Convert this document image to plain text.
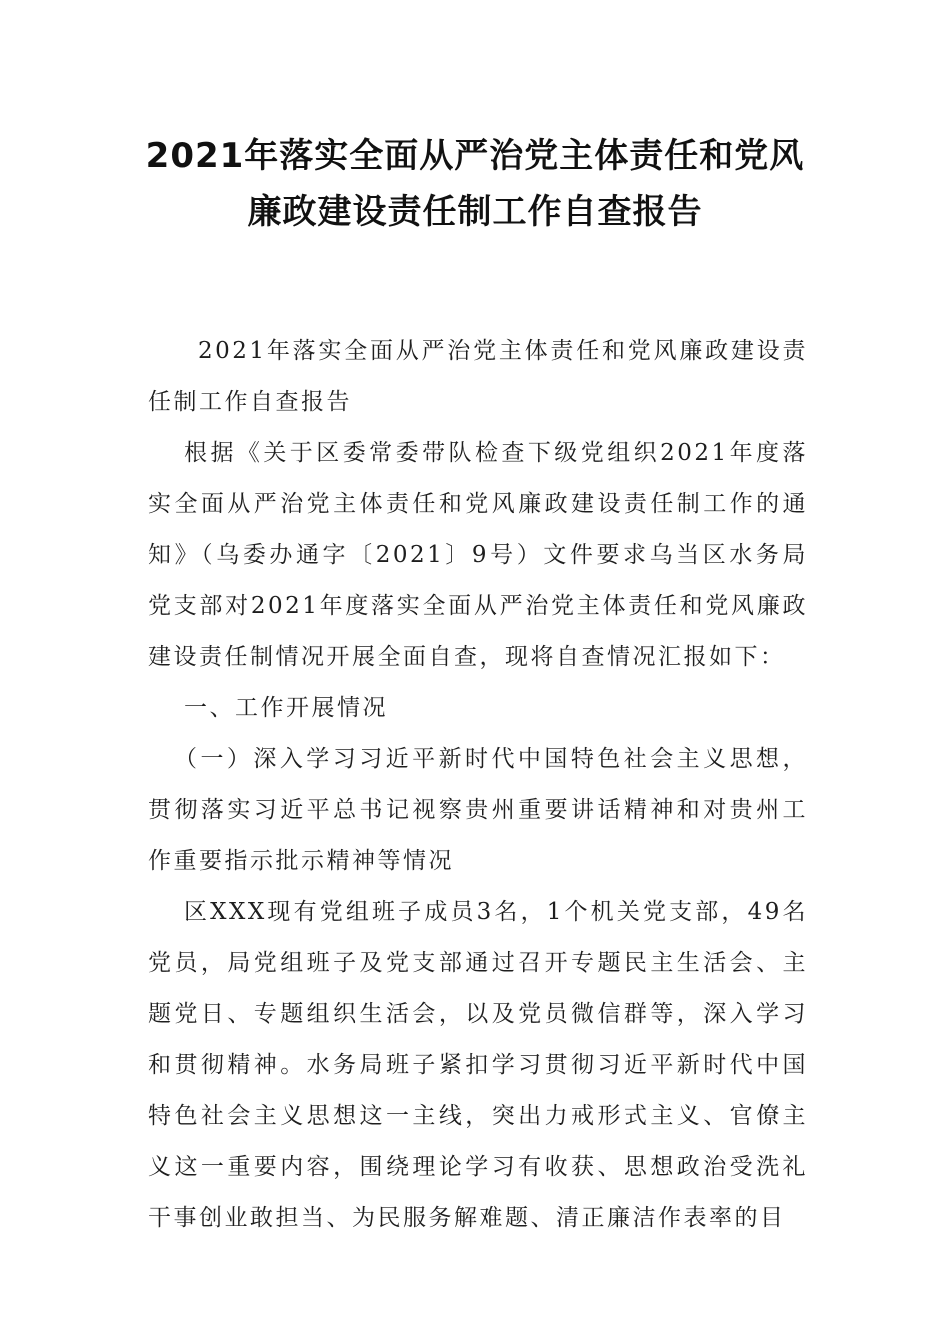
2021年落实全面从严治党主体责任和党风
廉政建设责任制工作自查报告

2021年落实全面从严治党主体责任和党风廉政建设责任制工作自查报告

根据《关于区委常委带队检查下级党组织2021年度落实全面从严治党主体责任和党风廉政建设责任制工作的通知》（乌委办通字〔2021〕9号）文件要求乌当区水务局党支部对2021年度落实全面从严治党主体责任和党风廉政建设责任制情况开展全面自查，现将自查情况汇报如下：

一、工作开展情况

（一）深入学习习近平新时代中国特色社会主义思想，贯彻落实习近平总书记视察贵州重要讲话精神和对贵州工作重要指示批示精神等情况

区XXX现有党组班子成员3名，1个机关党支部，49名党员，局党组班子及党支部通过召开专题民主生活会、主题党日、专题组织生活会，以及党员微信群等，深入学习和贯彻精神。水务局班子紧扣学习贯彻习近平新时代中国特色社会主义思想这一主线，突出力戒形式主义、官僚主义这一重要内容，围绕理论学习有收获、思想政治受洗礼干事创业敢担当、为民服务解难题、清正廉洁作表率的目
